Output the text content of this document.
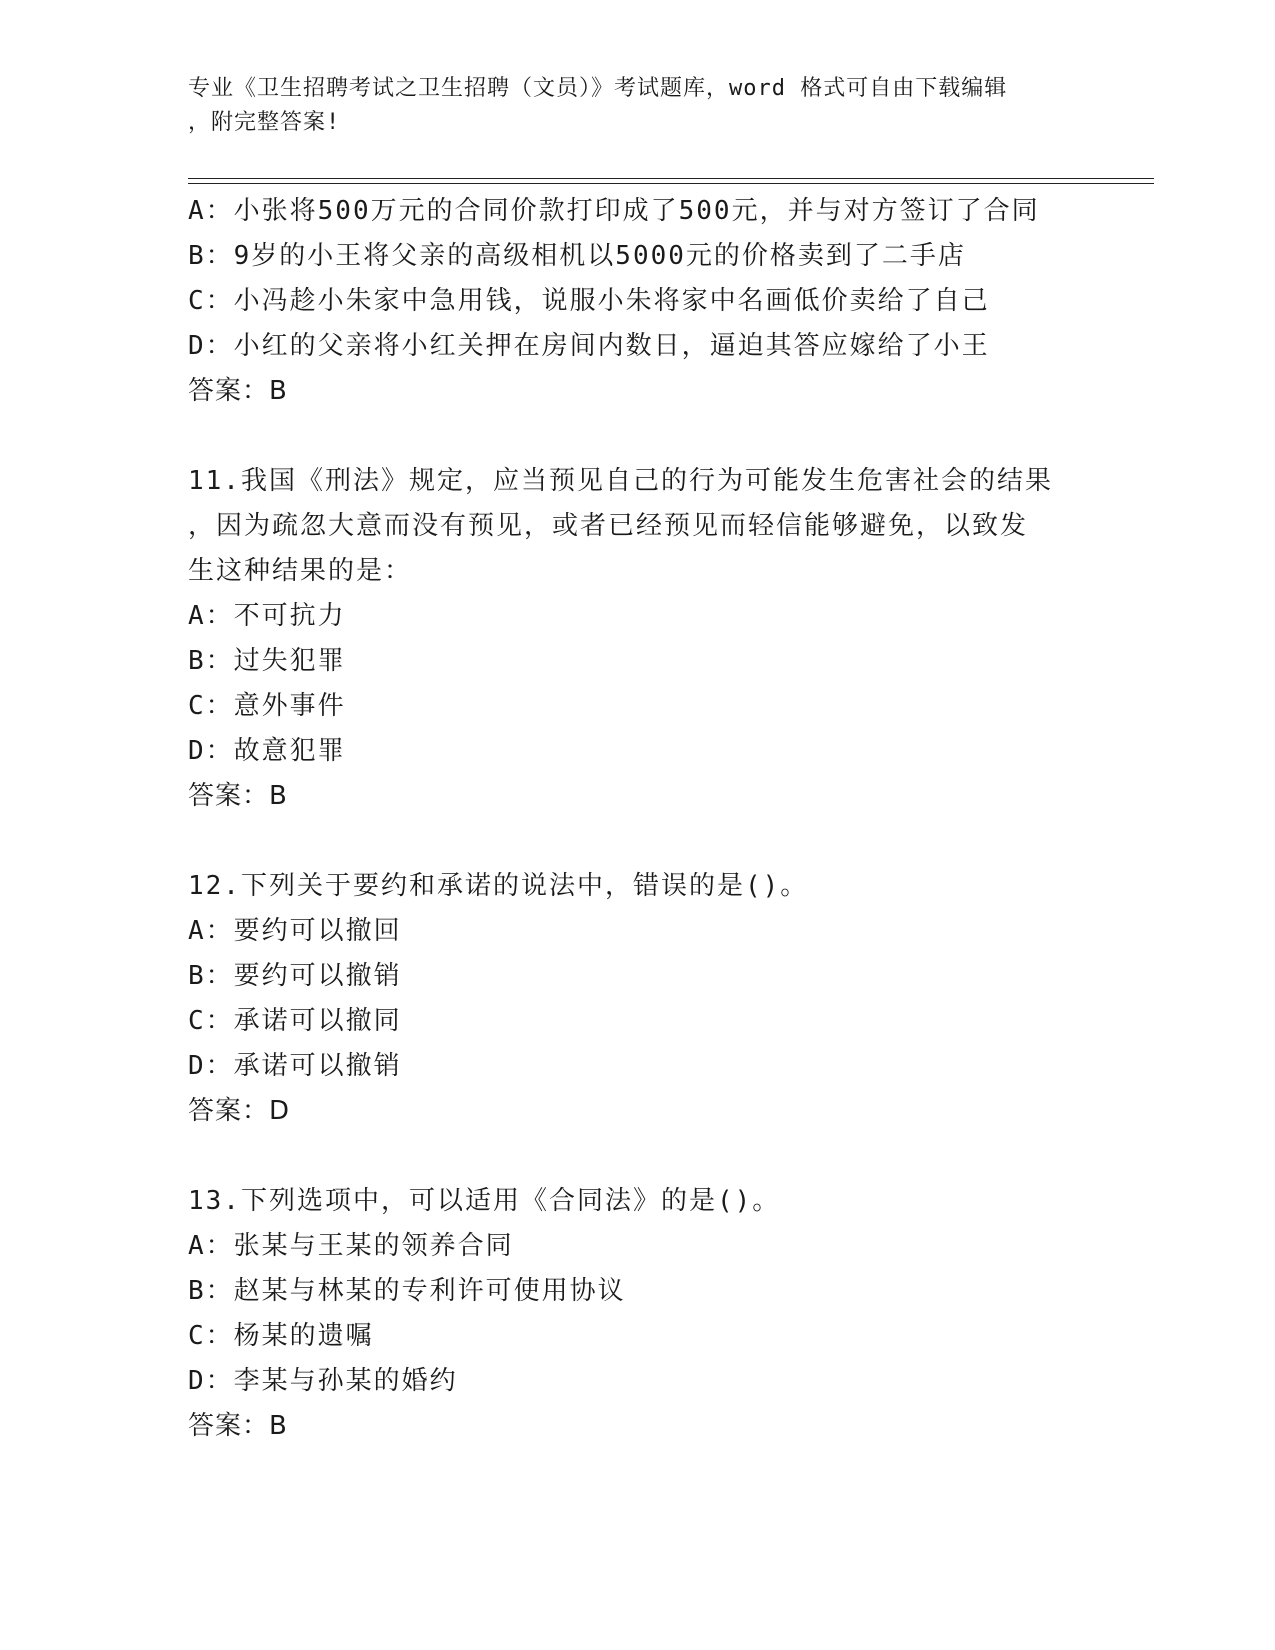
专业《卫生招聘考试之卫生招聘（文员）》考试题库，word 格式可自由下载编辑
，附完整答案!
A：小张将500万元的合同价款打印成了500元，并与对方签订了合同
B：9岁的小王将父亲的高级相机以5000元的价格卖到了二手店
C：小冯趁小朱家中急用钱，说服小朱将家中名画低价卖给了自己
D：小红的父亲将小红关押在房间内数日，逼迫其答应嫁给了小王
答案：B
11.我国《刑法》规定，应当预见自己的行为可能发生危害社会的结果
，因为疏忽大意而没有预见，或者已经预见而轻信能够避免，以致发
生这种结果的是：
A：不可抗力
B：过失犯罪
C：意外事件
D：故意犯罪
答案：B
12.下列关于要约和承诺的说法中，错误的是()。
A：要约可以撤回
B：要约可以撤销
C：承诺可以撤同
D：承诺可以撤销
答案：D
13.下列选项中，可以适用《合同法》的是()。
A：张某与王某的领养合同
B：赵某与林某的专利许可使用协议
C：杨某的遗嘱
D：李某与孙某的婚约
答案：B
